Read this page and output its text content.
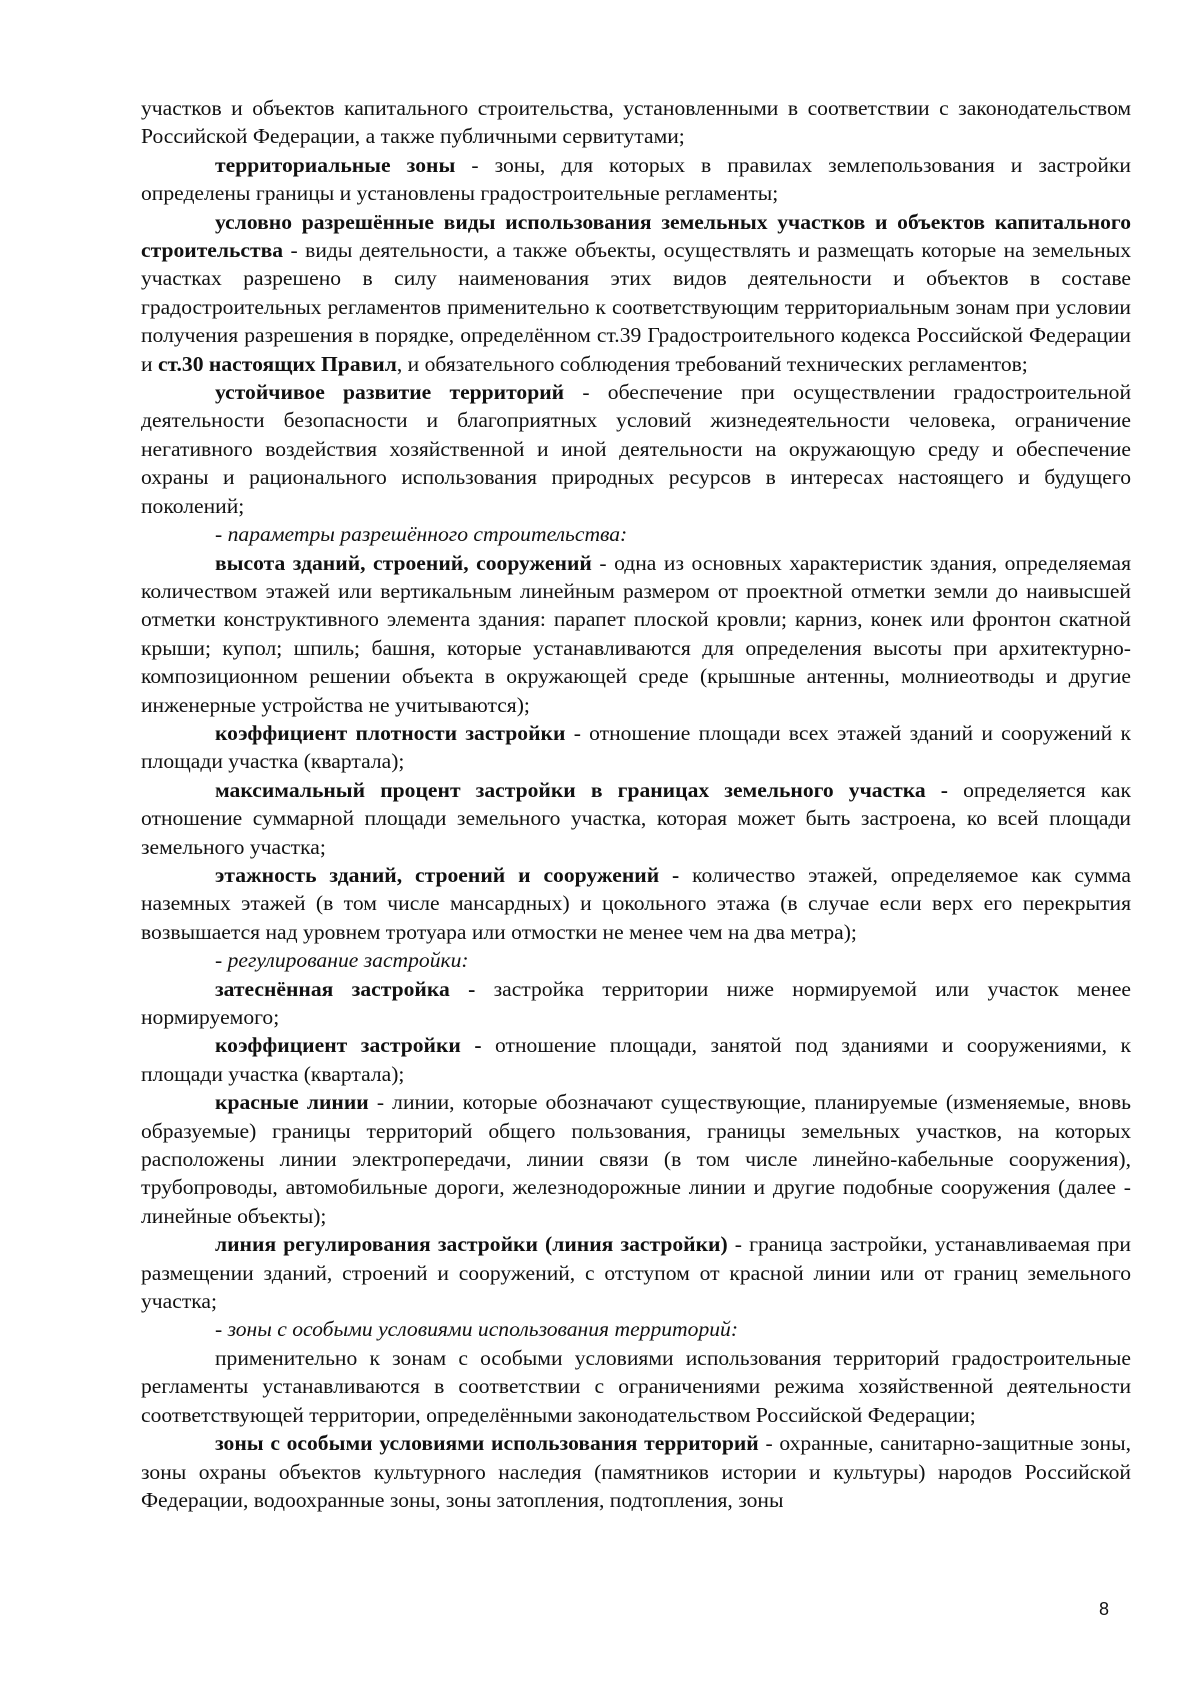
участков и объектов капитального строительства, установленными в соответствии с законодательством Российской Федерации, а также публичными сервитутами;

территориальные зоны - зоны, для которых в правилах землепользования и застройки определены границы и установлены градостроительные регламенты;

условно разрешённые виды использования земельных участков и объектов капитального строительства - виды деятельности, а также объекты, осуществлять и размещать которые на земельных участках разрешено в силу наименования этих видов деятельности и объектов в составе градостроительных регламентов применительно к соответствующим территориальным зонам при условии получения разрешения в порядке, определённом ст.39 Градостроительного кодекса Российской Федерации и ст.30 настоящих Правил, и обязательного соблюдения требований технических регламентов;

устойчивое развитие территорий - обеспечение при осуществлении градостроительной деятельности безопасности и благоприятных условий жизнедеятельности человека, ограничение негативного воздействия хозяйственной и иной деятельности на окружающую среду и обеспечение охраны и рационального использования природных ресурсов в интересах настоящего и будущего поколений;

- параметры разрешённого строительства:

высота зданий, строений, сооружений - одна из основных характеристик здания, определяемая количеством этажей или вертикальным линейным размером от проектной отметки земли до наивысшей отметки конструктивного элемента здания: парапет плоской кровли; карниз, конек или фронтон скатной крыши; купол; шпиль; башня, которые устанавливаются для определения высоты при архитектурно-композиционном решении объекта в окружающей среде (крышные антенны, молниеотводы и другие инженерные устройства не учитываются);

коэффициент плотности застройки - отношение площади всех этажей зданий и сооружений к площади участка (квартала);

максимальный процент застройки в границах земельного участка - определяется как отношение суммарной площади земельного участка, которая может быть застроена, ко всей площади земельного участка;

этажность зданий, строений и сооружений - количество этажей, определяемое как сумма наземных этажей (в том числе мансардных) и цокольного этажа (в случае если верх его перекрытия возвышается над уровнем тротуара или отмостки не менее чем на два метра);

- регулирование застройки:

затеснённая застройка - застройка территории ниже нормируемой или участок менее нормируемого;

коэффициент застройки - отношение площади, занятой под зданиями и сооружениями, к площади участка (квартала);

красные линии - линии, которые обозначают существующие, планируемые (изменяемые, вновь образуемые) границы территорий общего пользования, границы земельных участков, на которых расположены линии электропередачи, линии связи (в том числе линейно-кабельные сооружения), трубопроводы, автомобильные дороги, железнодорожные линии и другие подобные сооружения (далее - линейные объекты);

линия регулирования застройки (линия застройки) - граница застройки, устанавливаемая при размещении зданий, строений и сооружений, с отступом от красной линии или от границ земельного участка;

- зоны с особыми условиями использования территорий:

применительно к зонам с особыми условиями использования территорий градостроительные регламенты устанавливаются в соответствии с ограничениями режима хозяйственной деятельности соответствующей территории, определёнными законодательством Российской Федерации;

зоны с особыми условиями использования территорий - охранные, санитарно-защитные зоны, зоны охраны объектов культурного наследия (памятников истории и культуры) народов Российской Федерации, водоохранные зоны, зоны затопления, подтопления, зоны

8
